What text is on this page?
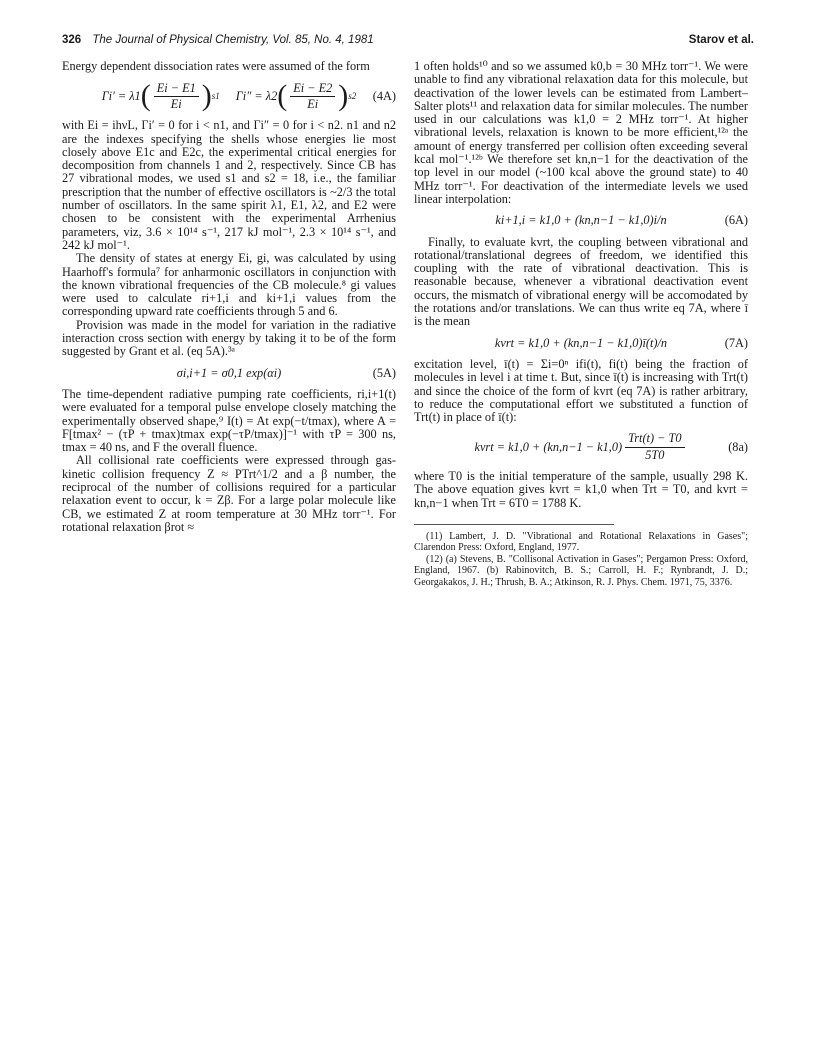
326 The Journal of Physical Chemistry, Vol. 85, No. 4, 1981	Starov et al.

Energy dependent dissociation rates were assumed of the form

Γi′ = λ1 ( $\frac{Ei - E1}{Ei}$ ) s1 Γi″ = λ2 ( $\frac{Ei - E2}{Ei}$ ) s2 (4A)

with Ei = ihνL, Γi′ = 0 for i < n1, and Γi″ = 0 for i < n2. n1 and n2 are the indexes specifying the shells whose energies lie most closely above E1c and E2c, the experimental critical energies for decomposition from channels 1 and 2, respectively. Since CB has 27 vibrational modes, we used s1 and s2 = 18, i.e., the familiar prescription that the number of effective oscillators is ~2/3 the total number of oscillators. In the same spirit λ1, E1, λ2, and E2 were chosen to be consistent with the experimental Arrhenius parameters, viz, 3.6 × 10¹⁴ s⁻¹, 217 kJ mol⁻¹, 2.3 × 10¹⁴ s⁻¹, and 242 kJ mol⁻¹.

The density of states at energy Ei, gi, was calculated by using Haarhoff's formula⁷ for anharmonic oscillators in conjunction with the known vibrational frequencies of the CB molecule.⁸ gi values were used to calculate ri+1,i and ki+1,i values from the corresponding upward rate coefficients through 5 and 6.

Provision was made in the model for variation in the radiative interaction cross section with energy by taking it to be of the form suggested by Grant et al. (eq 5A).³ᵃ

σi,i+1 = σ0,1 exp(αi)	(5A)

The time-dependent radiative pumping rate coefficients, ri,i+1(t) were evaluated for a temporal pulse envelope closely matching the experimentally observed shape,⁹ I(t) = At exp(−t/tmax), where A = F[tmax² − (τP + tmax)tmax exp(−τP/tmax)]⁻¹ with τP = 300 ns, tmax = 40 ns, and F the overall fluence.

All collisional rate coefficients were expressed through gas-kinetic collision frequency Z ≈ PTrt^1/2 and a β number, the reciprocal of the number of collisions required for a particular relaxation event to occur, k = Zβ. For a large polar molecule like CB, we estimated Z at room temperature at 30 MHz torr⁻¹. For rotational relaxation βrot ≈

1 often holds¹⁰ and so we assumed k0,b = 30 MHz torr⁻¹. We were unable to find any vibrational relaxation data for this molecule, but deactivation of the lower levels can be estimated from Lambert–Salter plots¹¹ and relaxation data for similar molecules. The number used in our calculations was k1,0 = 2 MHz torr⁻¹. At higher vibrational levels, relaxation is known to be more efficient,¹²ᵃ the amount of energy transferred per collision often exceeding several kcal mol⁻¹.¹²ᵇ We therefore set kn,n−1 for the deactivation of the top level in our model (~100 kcal above the ground state) to 40 MHz torr⁻¹. For deactivation of the intermediate levels we used linear interpolation:

ki+1,i = k1,0 + (kn,n−1 − k1,0)i/n	(6A)

Finally, to evaluate kvrt, the coupling between vibrational and rotational/translational degrees of freedom, we identified this coupling with the rate of vibrational deactivation. This is reasonable because, whenever a vibrational deactivation event occurs, the mismatch of vibrational energy will be accomodated by the rotations and/or translations. We can thus write eq 7A, where ī is the mean

kvrt = k1,0 + (kn,n−1 − k1,0)ī(t)/n	(7A)

excitation level, ī(t) = Σi=0ⁿ ifi(t), fi(t) being the fraction of molecules in level i at time t. But, since ī(t) is increasing with Trt(t) and since the choice of the form of kvrt (eq 7A) is rather arbitrary, to reduce the computational effort we substituted a function of Trt(t) in place of ī(t):

kvrt = $k1,0 + (kn,n-1 - k1,0) \frac{\text{Trt(t) − T0}}{5T0}$	(8a)

where T0 is the initial temperature of the sample, usually 298 K. The above equation gives kvrt = k1,0 when Trt = T0, and kvrt = kn,n−1 when Trt = 6T0 = 1788 K.

(11) Lambert, J. D. "Vibrational and Rotational Relaxations in Gases"; Clarendon Press: Oxford, England, 1977.

(12) (a) Stevens, B. "Collisonal Activation in Gases"; Pergamon Press: Oxford, England, 1967. (b) Rabinovitch, B. S.; Carroll, H. F.; Rynbrandt, J. D.; Georgakakos, J. H.; Thrush, B. A.; Atkinson, R. J. Phys. Chem. 1971, 75, 3376.
